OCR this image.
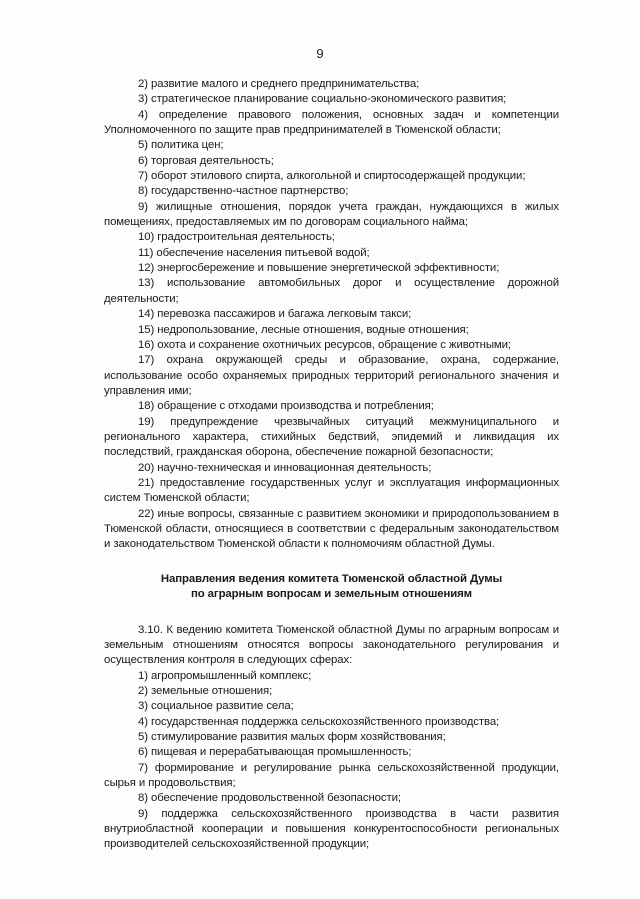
9

2) развитие малого и среднего предпринимательства;

3) стратегическое планирование социально-экономического развития;

4) определение правового положения, основных задач и компетенции Уполномоченного по защите прав предпринимателей в Тюменской области;

5) политика цен;

6) торговая деятельность;

7) оборот этилового спирта, алкогольной и спиртосодержащей продукции;

8) государственно-частное партнерство;

9) жилищные отношения, порядок учета граждан, нуждающихся в жилых помещениях, предоставляемых им по договорам социального найма;

10) градостроительная деятельность;

11) обеспечение населения питьевой водой;

12) энергосбережение и повышение энергетической эффективности;

13) использование автомобильных дорог и осуществление дорожной деятельности;

14) перевозка пассажиров и багажа легковым такси;

15) недропользование, лесные отношения, водные отношения;

16) охота и сохранение охотничьих ресурсов, обращение с животными;

17) охрана окружающей среды и образование, охрана, содержание, использование особо охраняемых природных территорий регионального значения и управления ими;

18) обращение с отходами производства и потребления;

19) предупреждение чрезвычайных ситуаций межмуниципального и регионального характера, стихийных бедствий, эпидемий и ликвидация их последствий, гражданская оборона, обеспечение пожарной безопасности;

20) научно-техническая и инновационная деятельность;

21) предоставление государственных услуг и эксплуатация информационных систем Тюменской области;

22) иные вопросы, связанные с развитием экономики и природопользованием в Тюменской области, относящиеся в соответствии с федеральным законодательством и законодательством Тюменской области к полномочиям областной Думы.

Направления ведения комитета Тюменской областной Думы
по аграрным вопросам и земельным отношениям

3.10. К ведению комитета Тюменской областной Думы по аграрным вопросам и земельным отношениям относятся вопросы законодательного регулирования и осуществления контроля в следующих сферах:

1) агропромышленный комплекс;

2) земельные отношения;

3) социальное развитие села;

4) государственная поддержка сельскохозяйственного производства;

5) стимулирование развития малых форм хозяйствования;

6) пищевая и перерабатывающая промышленность;

7) формирование и регулирование рынка сельскохозяйственной продукции, сырья и продовольствия;

8) обеспечение продовольственной безопасности;

9) поддержка сельскохозяйственного производства в части развития внутриобластной кооперации и повышения конкурентоспособности региональных производителей сельскохозяйственной продукции;
